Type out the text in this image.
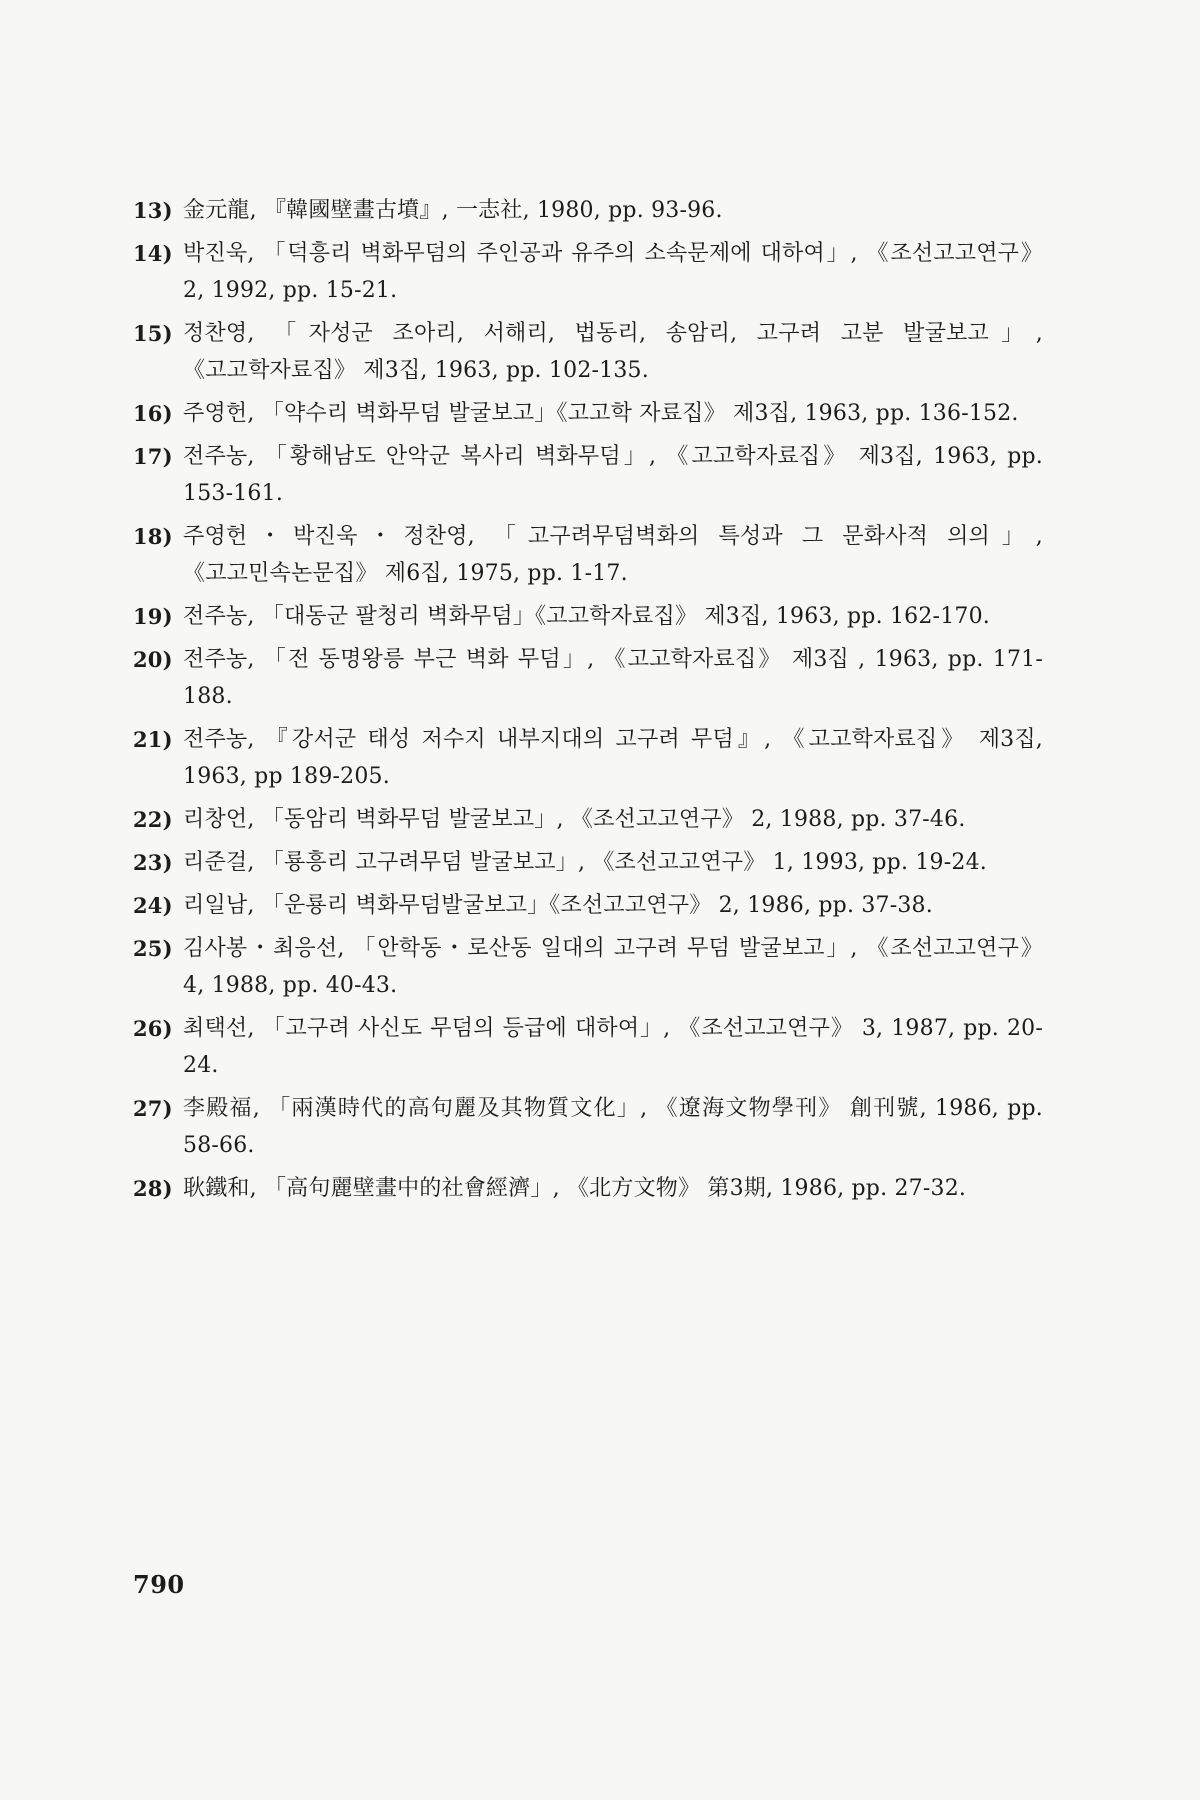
13) 金元龍, 『韓國壁畫古墳』, 一志社, 1980, pp. 93-96.
14) 박진욱, 「덕흥리 벽화무덤의 주인공과 유주의 소속문제에 대하여」, 《조선고고연구》 2, 1992, pp. 15-21.
15) 정찬영, 「자성군 조아리, 서해리, 법동리, 송암리, 고구려 고분 발굴보고」, 《고고학자료집》 제3집, 1963, pp. 102-135.
16) 주영헌, 「약수리 벽화무덤 발굴보고」《고고학 자료집》 제3집, 1963, pp. 136-152.
17) 전주농, 「황해남도 안악군 복사리 벽화무덤」, 《고고학자료집》 제3집, 1963, pp. 153-161.
18) 주영헌・박진욱・정찬영, 「고구려무덤벽화의 특성과 그 문화사적 의의」, 《고고민속논문집》 제6집, 1975, pp. 1-17.
19) 전주농, 「대동군 팔청리 벽화무덤」《고고학자료집》 제3집, 1963, pp. 162-170.
20) 전주농, 「전 동명왕릉 부근 벽화 무덤」, 《고고학자료집》 제3집 , 1963, pp. 171-188.
21) 전주농, 『강서군 태성 저수지 내부지대의 고구려 무덤』, 《고고학자료집》 제3집, 1963, pp 189-205.
22) 리창언, 「동암리 벽화무덤 발굴보고」, 《조선고고연구》 2, 1988, pp. 37-46.
23) 리준걸, 「룡흥리 고구려무덤 발굴보고」, 《조선고고연구》 1, 1993, pp. 19-24.
24) 리일남, 「운룡리 벽화무덤발굴보고」《조선고고연구》 2, 1986, pp. 37-38.
25) 김사봉・최응선, 「안학동・로산동 일대의 고구려 무덤 발굴보고」, 《조선고고연구》 4, 1988, pp. 40-43.
26) 최택선, 「고구려 사신도 무덤의 등급에 대하여」, 《조선고고연구》 3, 1987, pp. 20-24.
27) 李殿福, 「兩漢時代的高句麗及其物質文化」, 《遼海文物學刊》 創刊號, 1986, pp. 58-66.
28) 耿鐵和, 「高句麗壁畫中的社會經濟」, 《北方文物》 第3期, 1986, pp. 27-32.
790
